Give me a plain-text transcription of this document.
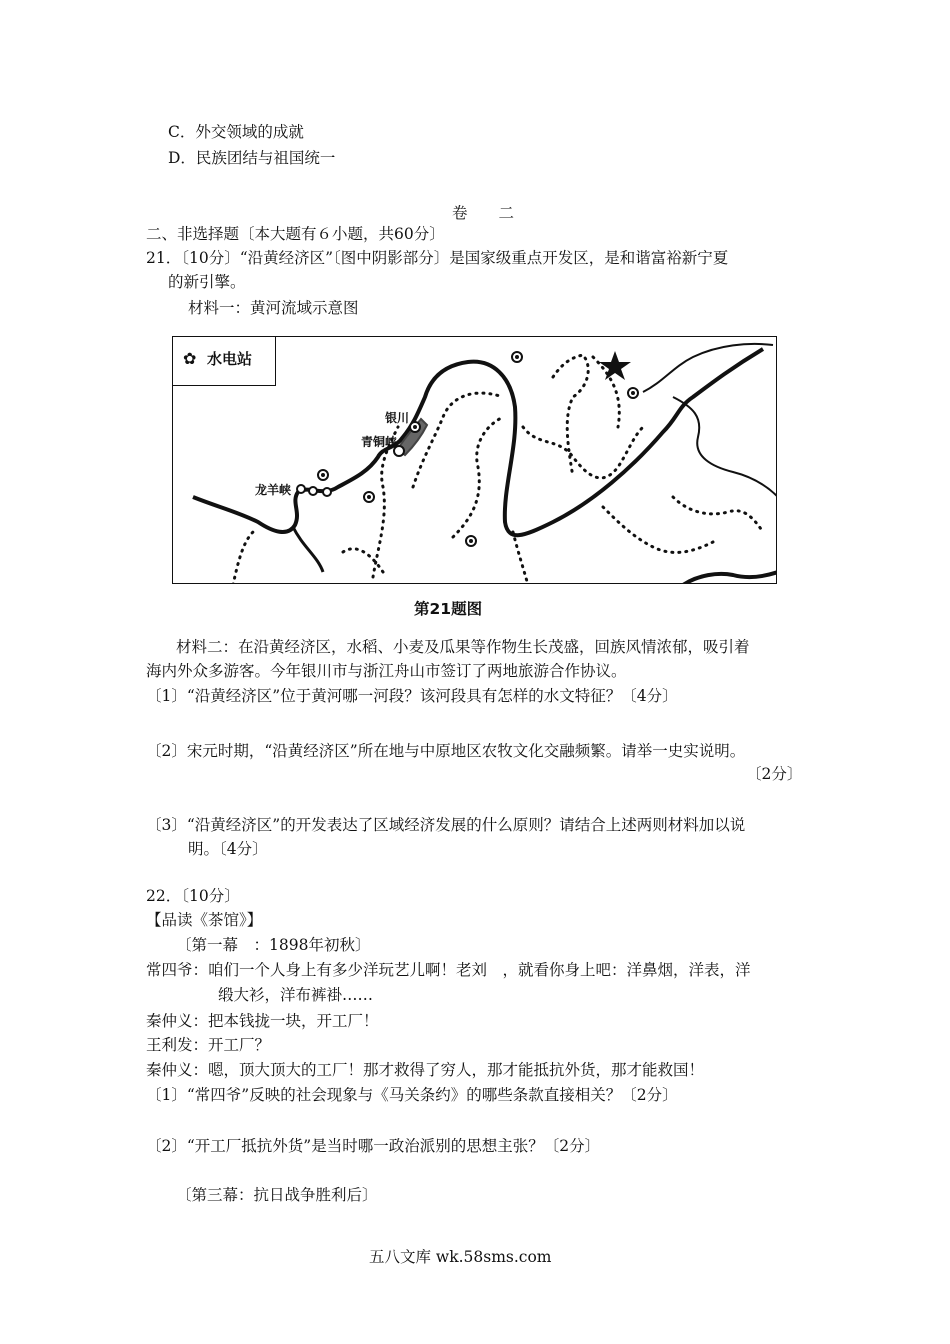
C．外交领域的成就
D．民族团结与祖国统一
卷　　二
二、非选择题〔本大题有６小题，共60分〕
21．〔10分〕“沿黄经济区”〔图中阴影部分〕是国家级重点开发区，是和谐富裕新宁夏
的新引擎。
材料一：黄河流域示意图
✿ 水电站
银川
青铜峡
龙羊峡
第21题图
材料二：在沿黄经济区，水稻、小麦及瓜果等作物生长茂盛，回族风情浓郁，吸引着
海内外众多游客。今年银川市与浙江舟山市签订了两地旅游合作协议。
〔1〕“沿黄经济区”位于黄河哪一河段？该河段具有怎样的水文特征？〔4分〕
〔2〕宋元时期，“沿黄经济区”所在地与中原地区农牧文化交融频繁。请举一史实说明。
〔2分〕
〔3〕“沿黄经济区”的开发表达了区域经济发展的什么原则？请结合上述两则材料加以说
明。〔4分〕
22．〔10分〕
【品读《茶馆》】
〔第一幕　：1898年初秋〕
常四爷：咱们一个人身上有多少洋玩艺儿啊！老刘　，就看你身上吧：洋鼻烟，洋表，洋
缎大衫，洋布裤褂……
秦仲义：把本钱拢一块，开工厂！
王利发：开工厂？
秦仲义：嗯，顶大顶大的工厂！那才救得了穷人，那才能抵抗外货，那才能救国！
〔1〕“常四爷”反映的社会现象与《马关条约》的哪些条款直接相关？〔2分〕
〔2〕“开工厂抵抗外货”是当时哪一政治派别的思想主张？〔2分〕
〔第三幕：抗日战争胜利后〕
五八文库 wk.58sms.com
